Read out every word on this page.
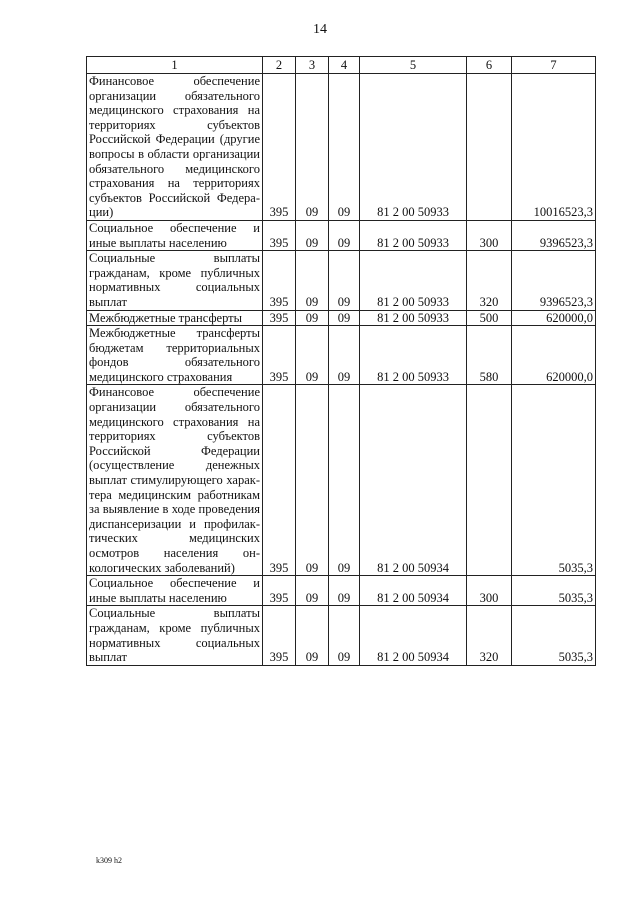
14
1	2	3	4	5	6	7
Финансовое обеспечение организации обязательного медицинского страхования на территориях субъектов Российской Федерации (другие вопросы в области организации обязательного медицинского страхования на территориях субъектов Российской Федерации)	395	09	09	81 2 00 50933		10016523,3
Социальное обеспечение и иные выплаты населению	395	09	09	81 2 00 50933	300	9396523,3
Социальные выплаты гражданам, кроме публичных нормативных социальных выплат	395	09	09	81 2 00 50933	320	9396523,3
Межбюджетные трансферты	395	09	09	81 2 00 50933	500	620000,0
Межбюджетные трансферты бюджетам территориальных фондов обязательного медицинского страхования	395	09	09	81 2 00 50933	580	620000,0
Финансовое обеспечение организации обязательного медицинского страхования на территориях субъектов Российской Федерации (осуществление денежных выплат стимулирующего характера медицинским работникам за выявление в ходе проведения диспансеризации и профилактических медицинских осмотров населения онкологических заболеваний)	395	09	09	81 2 00 50934		5035,3
Социальное обеспечение и иные выплаты населению	395	09	09	81 2 00 50934	300	5035,3
Социальные выплаты гражданам, кроме публичных нормативных социальных выплат	395	09	09	81 2 00 50934	320	5035,3
k309 h2
